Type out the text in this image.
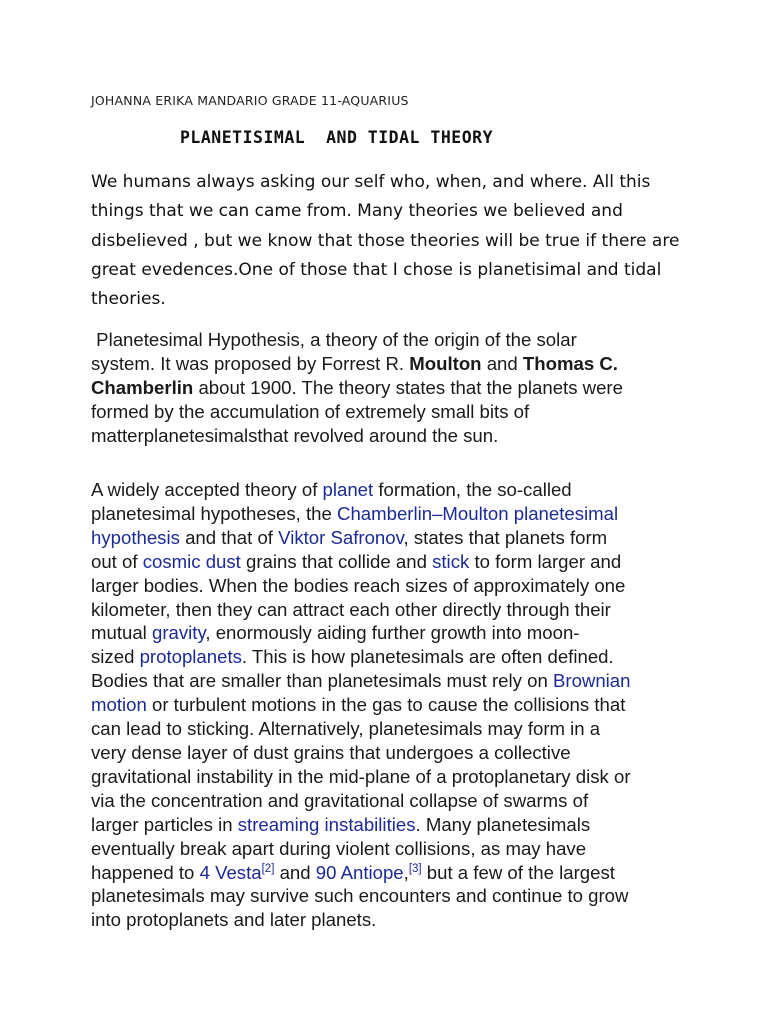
JOHANNA ERIKA MANDARIO GRADE 11-AQUARIUS
PLANETISIMAL  AND TIDAL THEORY
We humans always asking our self who, when, and where. All this
things that we can came from. Many theories we believed and
disbelieved , but we know that those theories will be true if there are
great evedences.One of those that I chose is planetisimal and tidal
theories.
Planetesimal Hypothesis, a theory of the origin of the solar
system. It was proposed by Forrest R. Moulton and Thomas C.
Chamberlin about 1900. The theory states that the planets were
formed by the accumulation of extremely small bits of
matterplanetesimalsthat revolved around the sun.
A widely accepted theory of planet formation, the so-called
planetesimal hypotheses, the Chamberlin–Moulton planetesimal
hypothesis and that of Viktor Safronov, states that planets form
out of cosmic dust grains that collide and stick to form larger and
larger bodies. When the bodies reach sizes of approximately one
kilometer, then they can attract each other directly through their
mutual gravity, enormously aiding further growth into moon-
sized protoplanets. This is how planetesimals are often defined.
Bodies that are smaller than planetesimals must rely on Brownian
motion or turbulent motions in the gas to cause the collisions that
can lead to sticking. Alternatively, planetesimals may form in a
very dense layer of dust grains that undergoes a collective
gravitational instability in the mid-plane of a protoplanetary disk or
via the concentration and gravitational collapse of swarms of
larger particles in streaming instabilities. Many planetesimals
eventually break apart during violent collisions, as may have
happened to 4 Vesta[2] and 90 Antiope,[3] but a few of the largest
planetesimals may survive such encounters and continue to grow
into protoplanets and later planets.
